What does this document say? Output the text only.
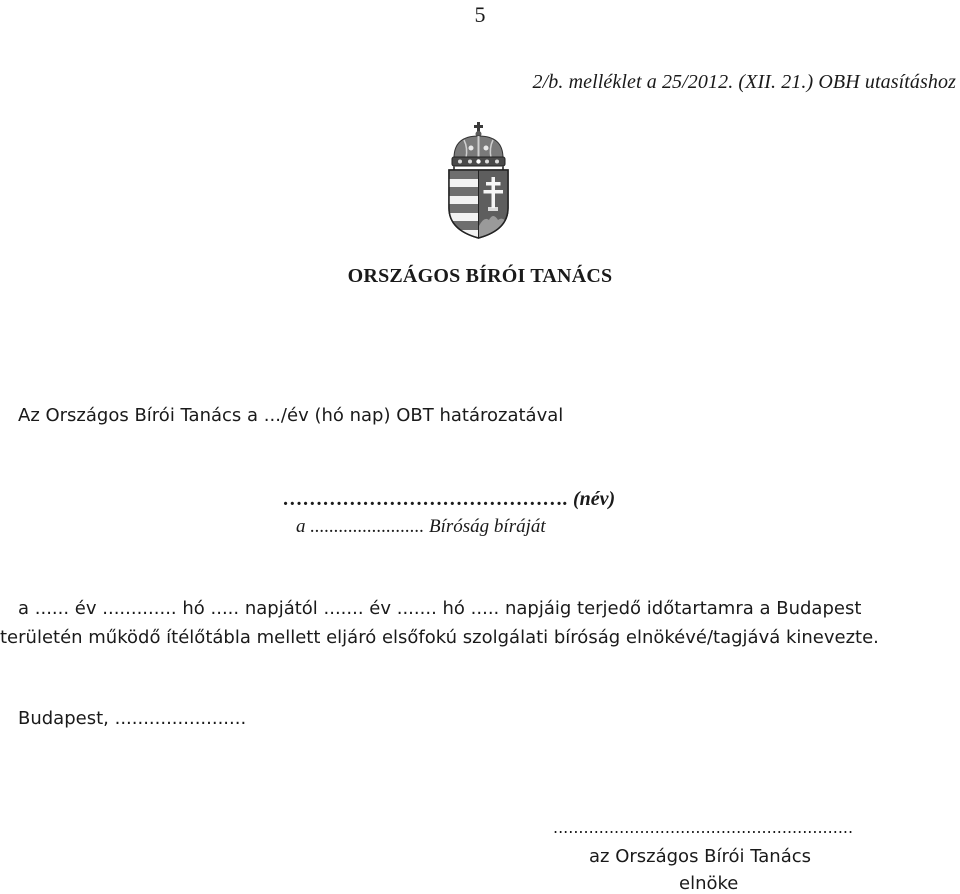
5
2/b. melléklet a 25/2012. (XII. 21.) OBH utasításhoz
ORSZÁGOS BÍRÓI TANÁCS
Az Országos Bírói Tanács a .../év (hó nap) OBT határozatával
……………………………………. (név)
a ........................ Bíróság bíráját
a ...... év ............. hó ..... napjától ....... év ....... hó ..... napjáig terjedő időtartamra a Budapest
területén működő ítélőtábla mellett eljáró elsőfokú szolgálati bíróság elnökévé/tagjává kinevezte.
Budapest, .......................
...........................................................
az Országos Bírói Tanács
elnöke
